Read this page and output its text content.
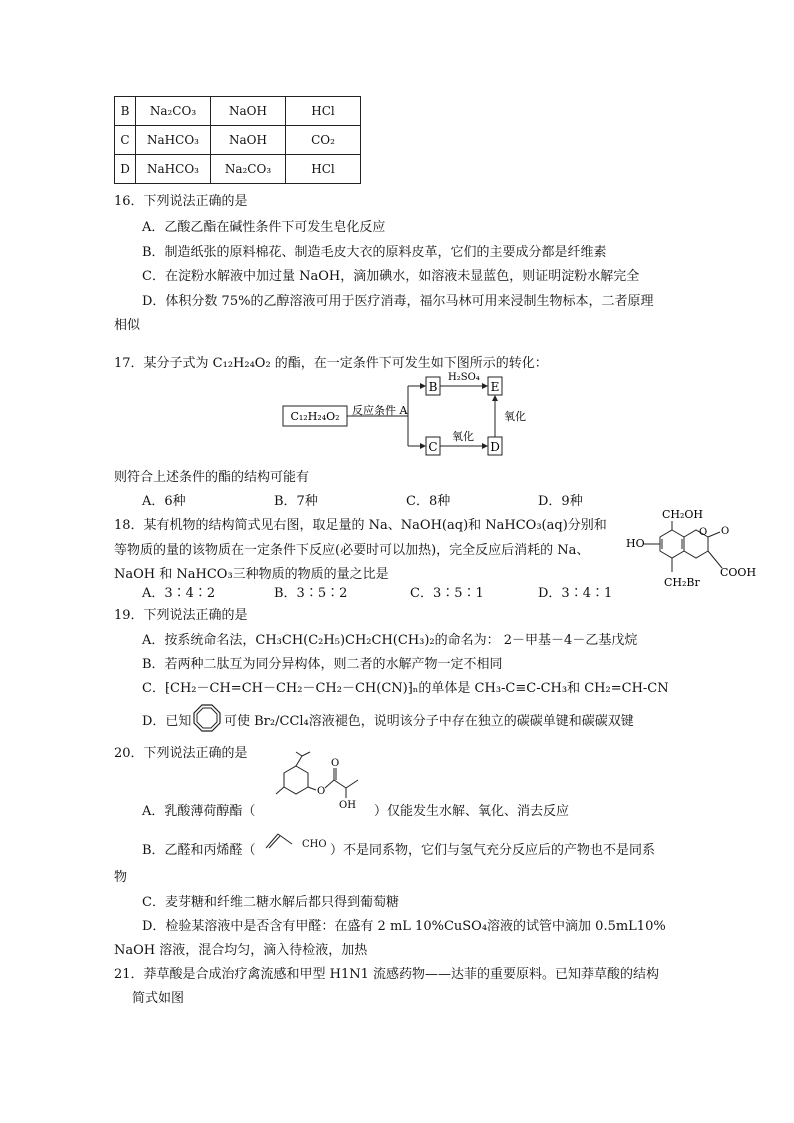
B	Na₂CO₃	NaOH	HCl
C	NaHCO₃	NaOH	CO₂
D	NaHCO₃	Na₂CO₃	HCl
16．下列说法正确的是
A．乙酸乙酯在碱性条件下可发生皂化反应
B．制造纸张的原料棉花、制造毛皮大衣的原料皮革，它们的主要成分都是纤维素
C．在淀粉水解液中加过量 NaOH，滴加碘水，如溶液未显蓝色，则证明淀粉水解完全
D．体积分数 75%的乙醇溶液可用于医疗消毒，福尔马林可用来浸制生物标本，二者原理
相似
17．某分子式为 C₁₂H₂₄O₂ 的酯，在一定条件下可发生如下图所示的转化：
C₁₂H₂₄O₂ 反应条件 A
B
C
H₂SO₄
E
氧化
D
氧化
则符合上述条件的酯的结构可能有
A．6种	B．7种	C．8种	D．9种
18．某有机物的结构简式见右图，取足量的 Na、NaOH(aq)和 NaHCO₃(aq)分别和
等物质的量的该物质在一定条件下反应(必要时可以加热)，完全反应后消耗的 Na、
NaOH 和 NaHCO₃三种物质的物质的量之比是
A．3∶4∶2	B．3∶5∶2	C．3∶5∶1	D．3∶4∶1
CH₂OH
O O
HO
COOH
CH₂Br
19．下列说法正确的是
A．按系统命名法，CH₃CH(C₂H₅)CH₂CH(CH₃)₂的命名为： 2－甲基－4－乙基戊烷
B．若两种二肽互为同分异构体，则二者的水解产物一定不相同
C．⁅CH₂－CH=CH－CH₂－CH₂－CH(CN)⁆ₙ的单体是 CH₃-C≡C-CH₃和 CH₂=CH-CN
D．已知	可使 Br₂/CCl₄溶液褪色，说明该分子中存在独立的碳碳单键和碳碳双键
20．下列说法正确的是
A．乳酸薄荷醇酯（
O
O
OH ）仅能发生水解、氧化、消去反应
B．乙醛和丙烯醛（	CHO ）不是同系物，它们与氢气充分反应后的产物也不是同系
物
C．麦芽糖和纤维二糖水解后都只得到葡萄糖
D．检验某溶液中是否含有甲醛：在盛有 2 mL 10%CuSO₄溶液的试管中滴加 0.5mL10%
NaOH 溶液，混合均匀，滴入待检液，加热
21．莽草酸是合成治疗禽流感和甲型 H1N1 流感药物——达菲的重要原料。已知莽草酸的结构
简式如图
